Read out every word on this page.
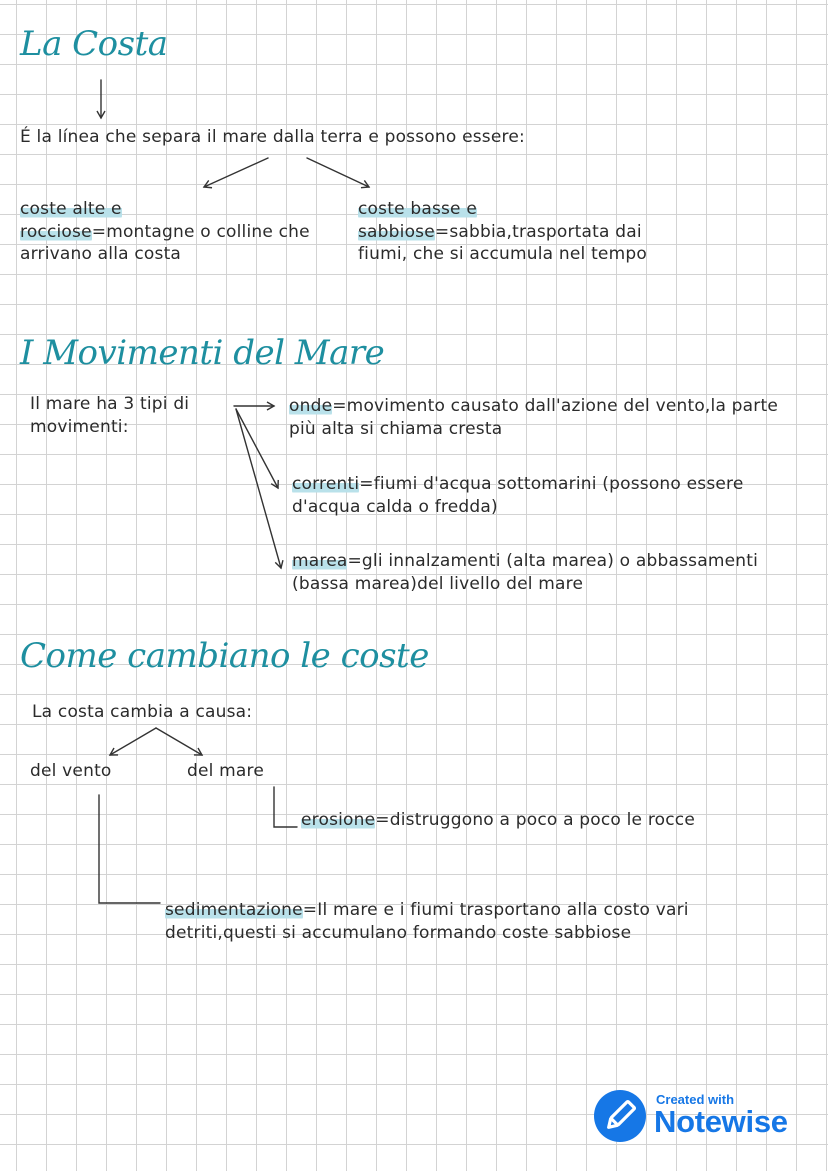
La Costa
É la línea che separa il mare dalla terra e possono essere:
coste alte e
rocciose=montagne o colline che arrivano alla costa
coste basse e
sabbiose=sabbia,trasportata dai fiumi, che si accumula nel tempo
I Movimenti del Mare
Il mare ha 3 tipi di movimenti:
onde=movimento causato dall'azione del vento,la parte più alta si chiama cresta
correnti=fiumi d'acqua sottomarini (possono essere d'acqua calda o fredda)
marea=gli innalzamenti (alta marea) o abbassamenti (bassa marea)del livello del mare
Come cambiano le coste
La costa cambia a causa:
del vento	del mare
erosione=distruggono a poco a poco le rocce
sedimentazione=Il mare e i fiumi trasportano alla costo vari detriti,questi si accumulano formando coste sabbiose
Created with
Notewise
